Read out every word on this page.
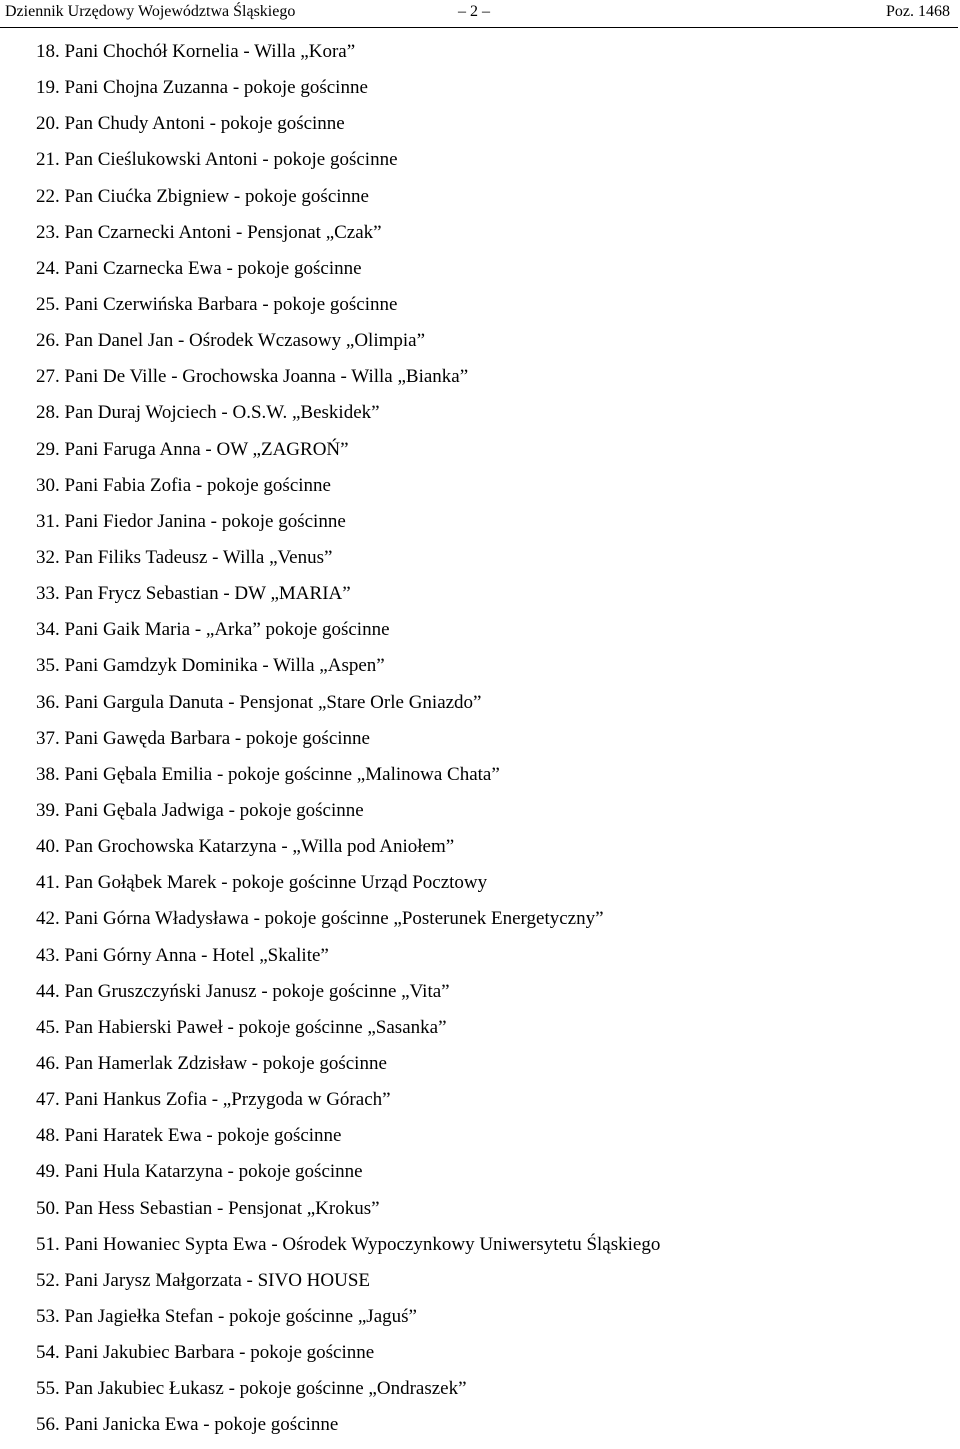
Dziennik Urzędowy Województwa Śląskiego	– 2 –	Poz. 1468
18. Pani Chochół Kornelia - Willa „Kora”
19. Pani Chojna Zuzanna - pokoje gościnne
20. Pan Chudy Antoni - pokoje gościnne
21. Pan Cieślukowski Antoni - pokoje gościnne
22. Pan Ciućka Zbigniew - pokoje gościnne
23. Pan Czarnecki Antoni - Pensjonat „Czak”
24. Pani Czarnecka Ewa - pokoje gościnne
25. Pani Czerwińska Barbara - pokoje gościnne
26. Pan Danel Jan - Ośrodek Wczasowy „Olimpia”
27. Pani De Ville - Grochowska Joanna - Willa „Bianka”
28. Pan Duraj Wojciech - O.S.W. „Beskidek”
29. Pani Faruga Anna - OW „ZAGROŃ”
30. Pani Fabia Zofia - pokoje gościnne
31. Pani Fiedor Janina - pokoje gościnne
32. Pan Filiks Tadeusz - Willa „Venus”
33. Pan Frycz Sebastian - DW „MARIA”
34. Pani Gaik Maria - „Arka” pokoje gościnne
35. Pani Gamdzyk Dominika - Willa „Aspen”
36. Pani Gargula Danuta - Pensjonat „Stare Orle Gniazdo”
37. Pani Gawęda Barbara - pokoje gościnne
38. Pani Gębala Emilia - pokoje gościnne „Malinowa Chata”
39. Pani Gębala Jadwiga - pokoje gościnne
40. Pan Grochowska Katarzyna - „Willa pod Aniołem”
41. Pan Gołąbek Marek - pokoje gościnne Urząd Pocztowy
42. Pani Górna Władysława - pokoje gościnne „Posterunek Energetyczny”
43. Pani Górny Anna - Hotel „Skalite”
44. Pan Gruszczyński Janusz - pokoje gościnne „Vita”
45. Pan Habierski Paweł - pokoje gościnne „Sasanka”
46. Pan Hamerlak Zdzisław - pokoje gościnne
47. Pani Hankus Zofia - „Przygoda w Górach”
48. Pani Haratek Ewa - pokoje gościnne
49. Pani Hula Katarzyna - pokoje gościnne
50. Pan Hess Sebastian - Pensjonat „Krokus”
51. Pani Howaniec Sypta Ewa - Ośrodek Wypoczynkowy Uniwersytetu Śląskiego
52. Pani Jarysz Małgorzata - SIVO HOUSE
53. Pan Jagiełka Stefan - pokoje gościnne „Jaguś”
54. Pani Jakubiec Barbara - pokoje gościnne
55. Pan Jakubiec Łukasz - pokoje gościnne „Ondraszek”
56. Pani Janicka Ewa - pokoje gościnne
